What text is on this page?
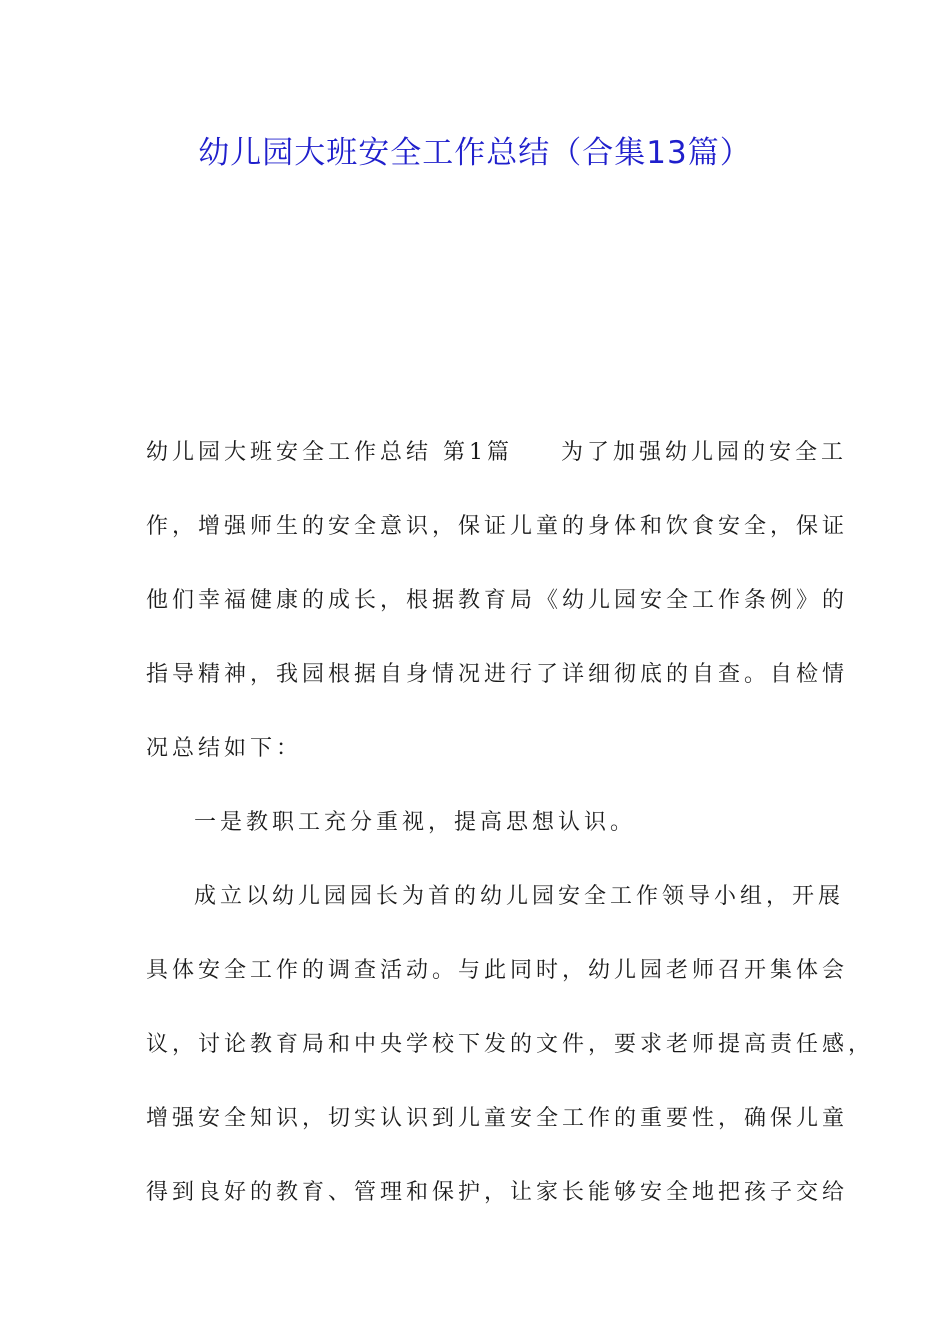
幼儿园大班安全工作总结（合集13篇）
幼儿园大班安全工作总结 第1篇 为了加强幼儿园的安全工
作，增强师生的安全意识，保证儿童的身体和饮食安全，保证
他们幸福健康的成长，根据教育局《幼儿园安全工作条例》的
指导精神，我园根据自身情况进行了详细彻底的自查。自检情
况总结如下：
一是教职工充分重视，提高思想认识。
成立以幼儿园园长为首的幼儿园安全工作领导小组，开展
具体安全工作的调查活动。与此同时，幼儿园老师召开集体会
议，讨论教育局和中央学校下发的文件，要求老师提高责任感，
增强安全知识，切实认识到儿童安全工作的重要性，确保儿童
得到良好的教育、管理和保护，让家长能够安全地把孩子交给
